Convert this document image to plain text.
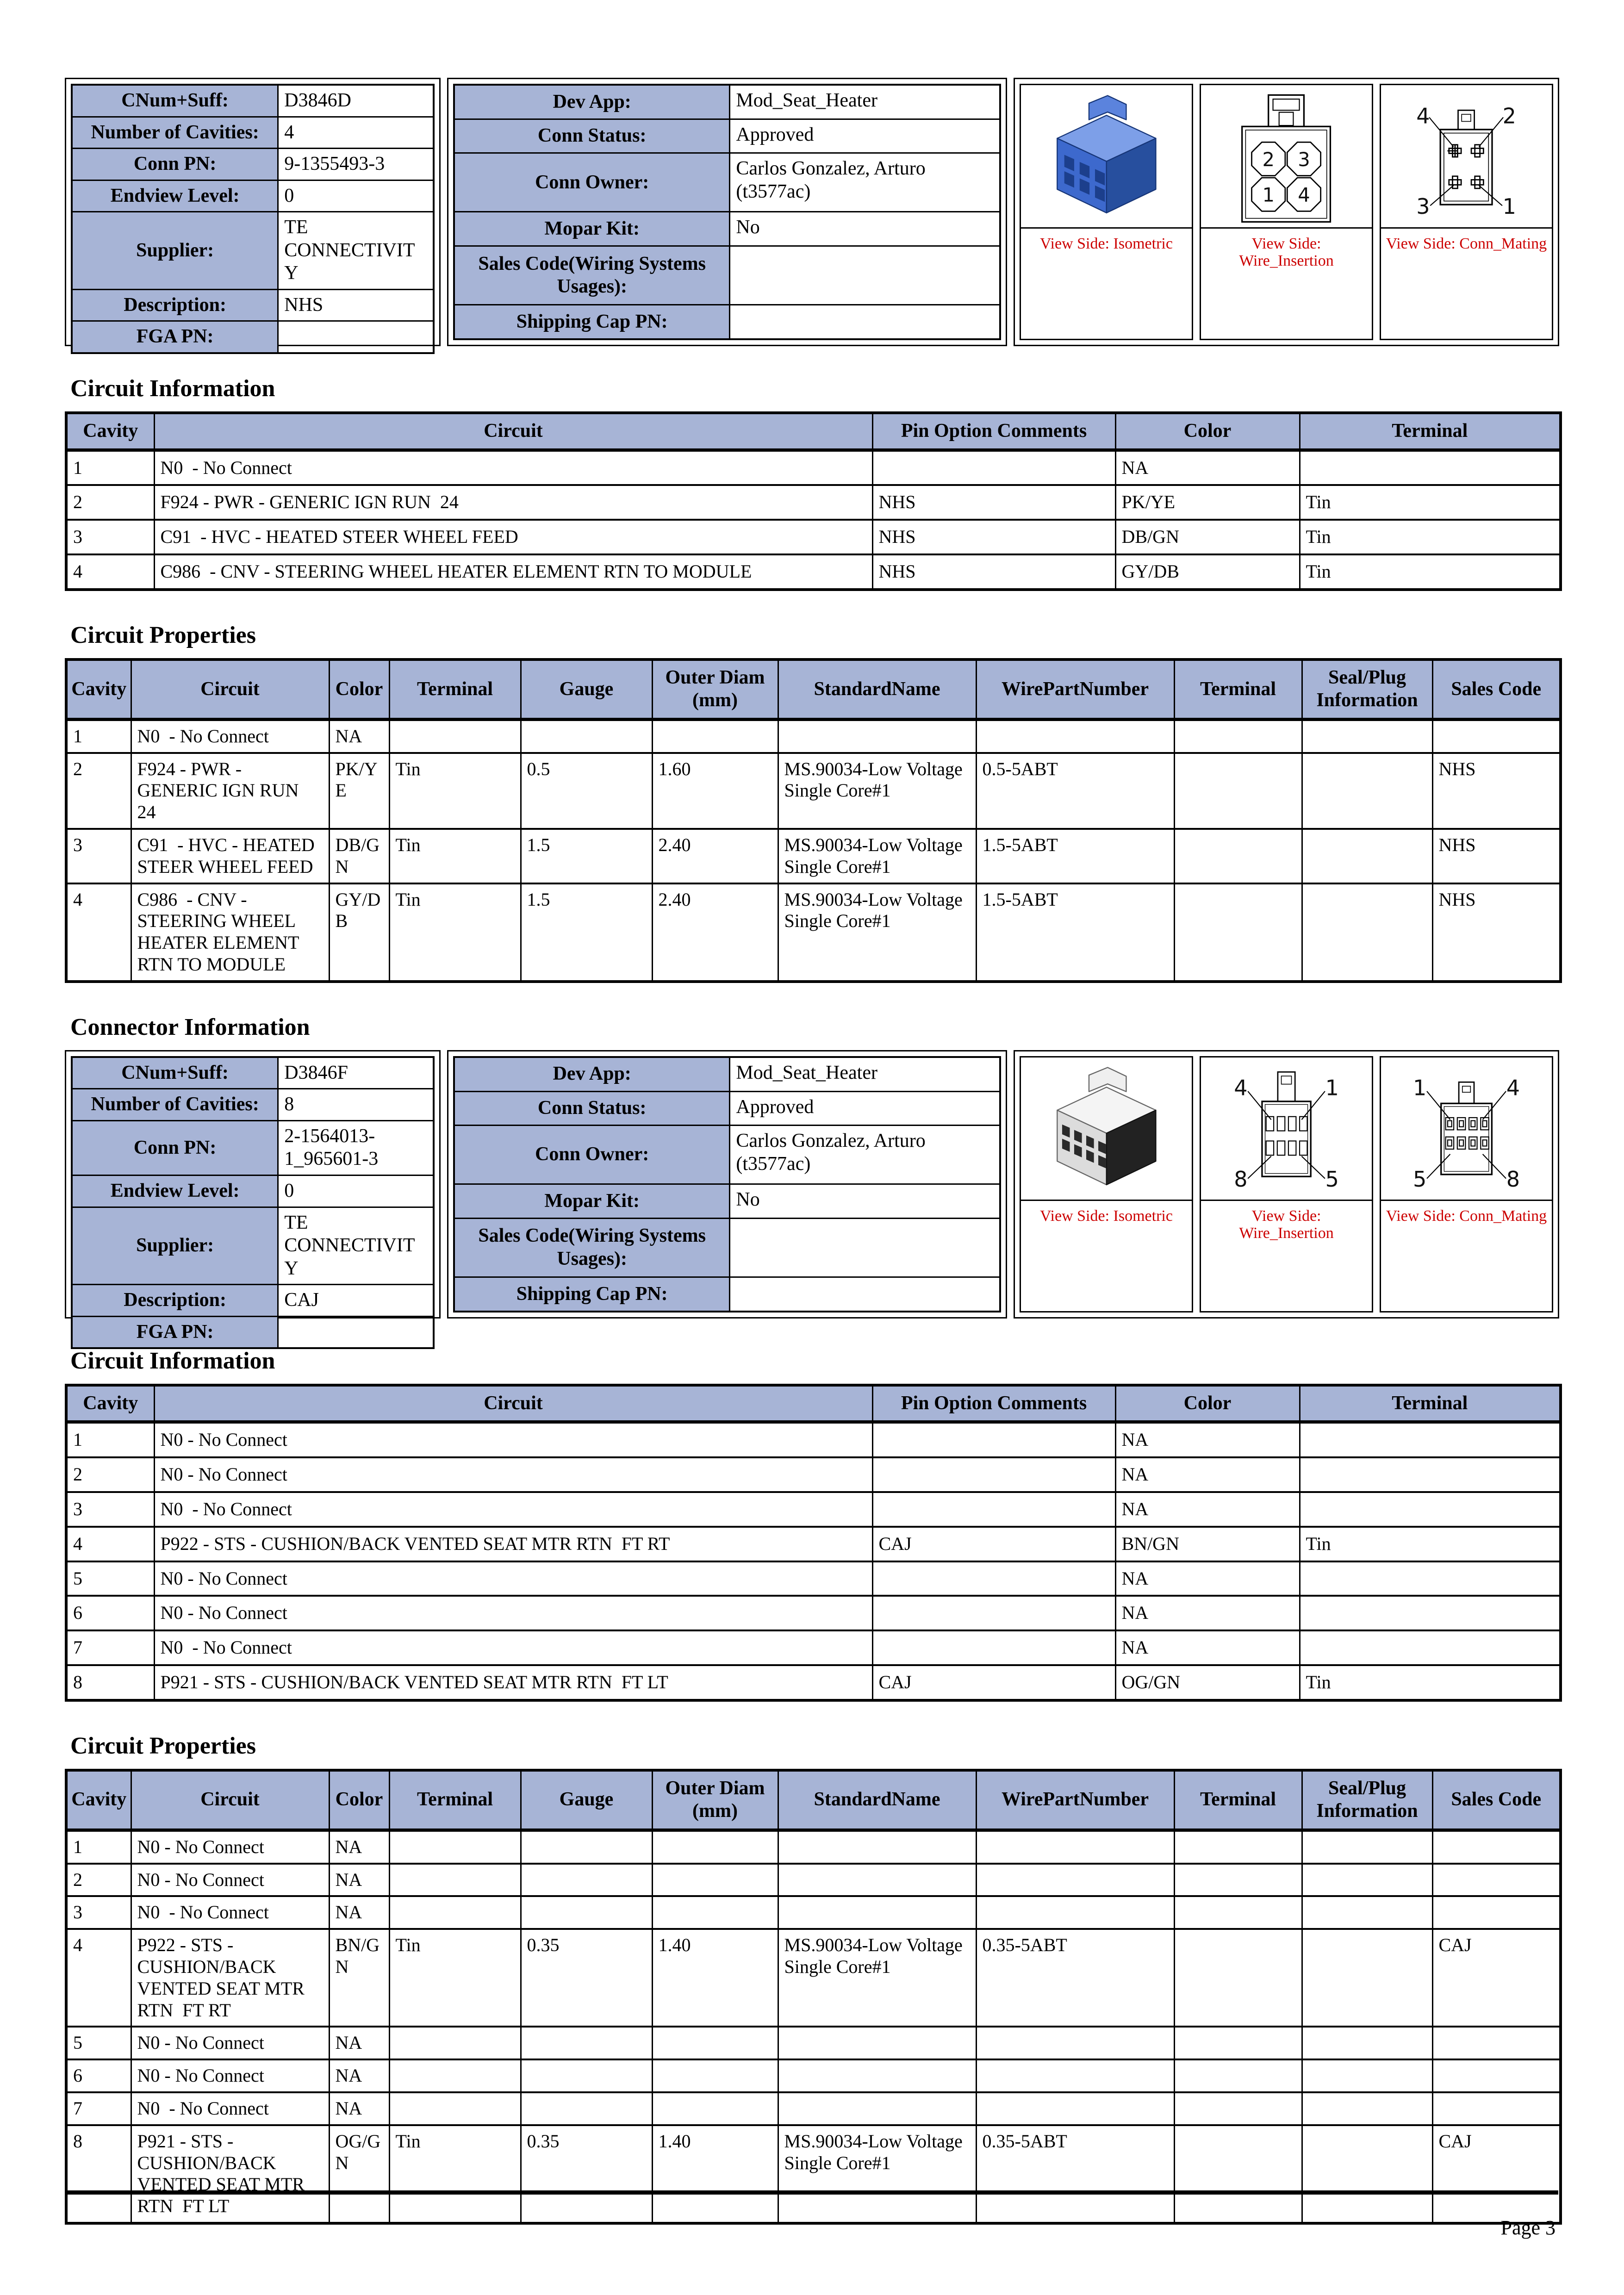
CNum+Suff:	D3846D
Number of Cavities:	4
Conn PN:	9-1355493-3
Endview Level:	0
Supplier:	TE CONNECTIVITY
Description:	NHS
FGA PN:	
Dev App:	Mod_Seat_Heater
Conn Status:	Approved
Conn Owner:	Carlos Gonzalez, Arturo (t3577ac)
Mopar Kit:	No
Sales Code(Wiring Systems Usages):	
Shipping Cap PN:	
View Side: Isometric
2 3
1 4
View Side: Wire_Insertion
4	2
3	1
View Side: Conn_Mating
Circuit Information
Cavity	Circuit	Pin Option Comments	Color	Terminal
1	N0  - No Connect		NA	
2	F924 - PWR - GENERIC IGN RUN  24	NHS	PK/YE	Tin
3	C91  - HVC - HEATED STEER WHEEL FEED	NHS	DB/GN	Tin
4	C986  - CNV - STEERING WHEEL HEATER ELEMENT RTN TO MODULE	NHS	GY/DB	Tin
Circuit Properties
Cavity	Circuit	Color	Terminal	Gauge	Outer Diam (mm)	StandardName	WirePartNumber	Terminal	Seal/Plug Information	Sales Code
1	N0  - No Connect	NA								
2	F924 - PWR - GENERIC IGN RUN 24	PK/YE	Tin	0.5	1.60	MS.90034-Low Voltage Single Core#1	0.5-5ABT			NHS
3	C91  - HVC - HEATED STEER WHEEL FEED	DB/GN	Tin	1.5	2.40	MS.90034-Low Voltage Single Core#1	1.5-5ABT			NHS
4	C986  - CNV - STEERING WHEEL HEATER ELEMENT RTN TO MODULE	GY/DB	Tin	1.5	2.40	MS.90034-Low Voltage Single Core#1	1.5-5ABT			NHS
Connector Information
CNum+Suff:	D3846F
Number of Cavities:	8
Conn PN:	2-1564013-1_965601-3
Endview Level:	0
Supplier:	TE CONNECTIVITY
Description:	CAJ
FGA PN:	
Dev App:	Mod_Seat_Heater
Conn Status:	Approved
Conn Owner:	Carlos Gonzalez, Arturo (t3577ac)
Mopar Kit:	No
Sales Code(Wiring Systems Usages):	
Shipping Cap PN:	
View Side: Isometric
4	1
8	5
View Side: Wire_Insertion
1	4
5	8
View Side: Conn_Mating
Circuit Information
Cavity	Circuit	Pin Option Comments	Color	Terminal
1	N0 - No Connect		NA	
2	N0 - No Connect		NA	
3	N0  - No Connect		NA	
4	P922 - STS - CUSHION/BACK VENTED SEAT MTR RTN  FT RT	CAJ	BN/GN	Tin
5	N0 - No Connect		NA	
6	N0 - No Connect		NA	
7	N0  - No Connect		NA	
8	P921 - STS - CUSHION/BACK VENTED SEAT MTR RTN  FT LT	CAJ	OG/GN	Tin
Circuit Properties
Cavity	Circuit	Color	Terminal	Gauge	Outer Diam (mm)	StandardName	WirePartNumber	Terminal	Seal/Plug Information	Sales Code
1	N0 - No Connect	NA								
2	N0 - No Connect	NA								
3	N0  - No Connect	NA								
4	P922 - STS - CUSHION/BACK VENTED SEAT MTR RTN  FT RT	BN/GN	Tin	0.35	1.40	MS.90034-Low Voltage Single Core#1	0.35-5ABT			CAJ
5	N0 - No Connect	NA								
6	N0 - No Connect	NA								
7	N0  - No Connect	NA								
8	P921 - STS - CUSHION/BACK VENTED SEAT MTR RTN  FT LT	OG/GN	Tin	0.35	1.40	MS.90034-Low Voltage Single Core#1	0.35-5ABT			CAJ
Page 3
